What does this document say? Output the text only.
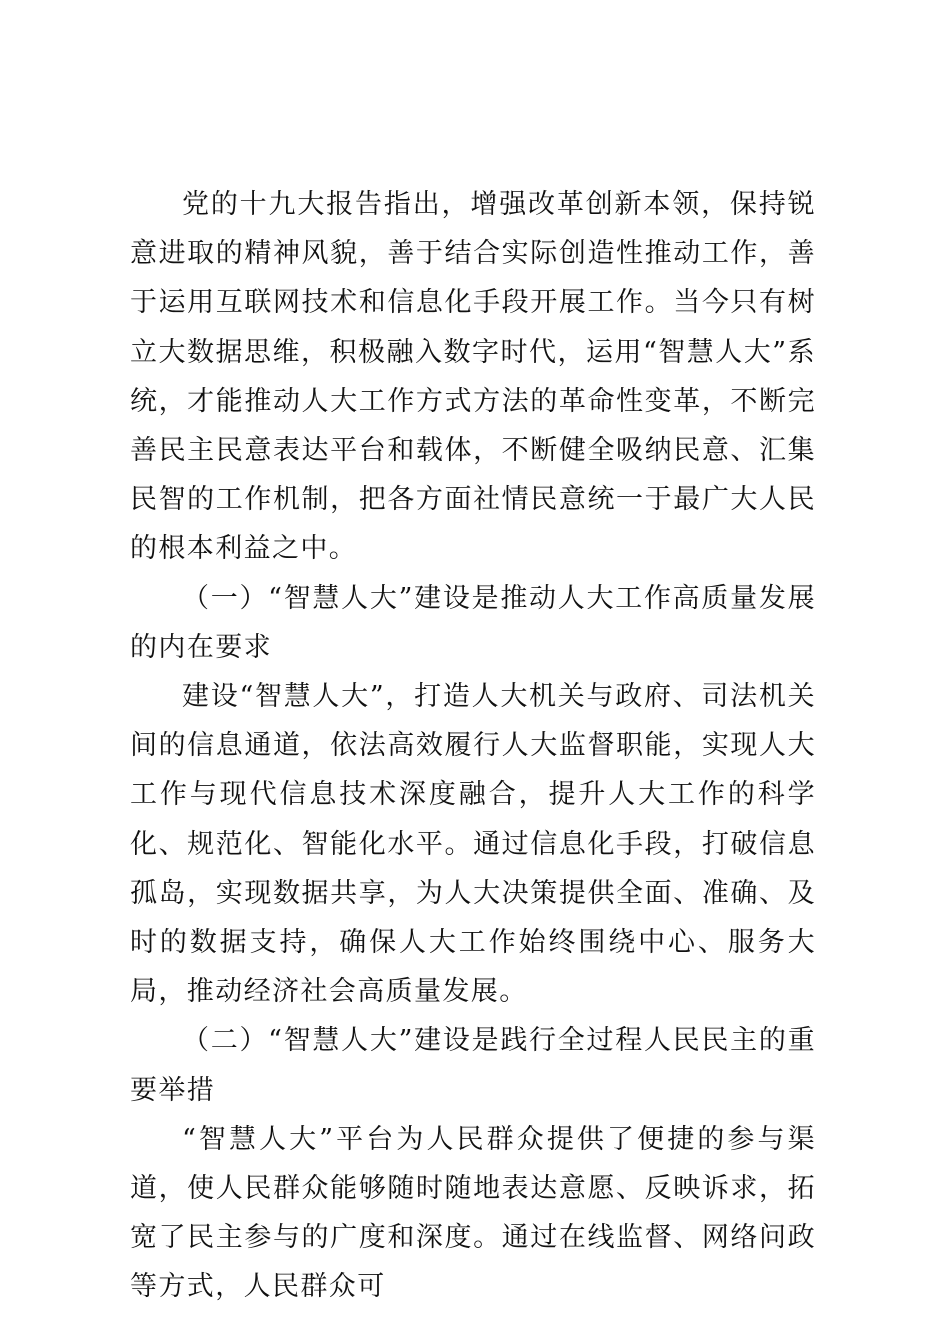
党的十九大报告指出，增强改革创新本领，保持锐意进取的精神风貌，善于结合实际创造性推动工作，善于运用互联网技术和信息化手段开展工作。当今只有树立大数据思维，积极融入数字时代，运用“智慧人大”系统，才能推动人大工作方式方法的革命性变革，不断完善民主民意表达平台和载体，不断健全吸纳民意、汇集民智的工作机制，把各方面社情民意统一于最广大人民的根本利益之中。

（一）“智慧人大”建设是推动人大工作高质量发展的内在要求

建设“智慧人大”，打造人大机关与政府、司法机关间的信息通道，依法高效履行人大监督职能，实现人大工作与现代信息技术深度融合，提升人大工作的科学化、规范化、智能化水平。通过信息化手段，打破信息孤岛，实现数据共享，为人大决策提供全面、准确、及时的数据支持，确保人大工作始终围绕中心、服务大局，推动经济社会高质量发展。

（二）“智慧人大”建设是践行全过程人民民主的重要举措

“智慧人大”平台为人民群众提供了便捷的参与渠道，使人民群众能够随时随地表达意愿、反映诉求，拓宽了民主参与的广度和深度。通过在线监督、网络问政等方式，人民群众可
